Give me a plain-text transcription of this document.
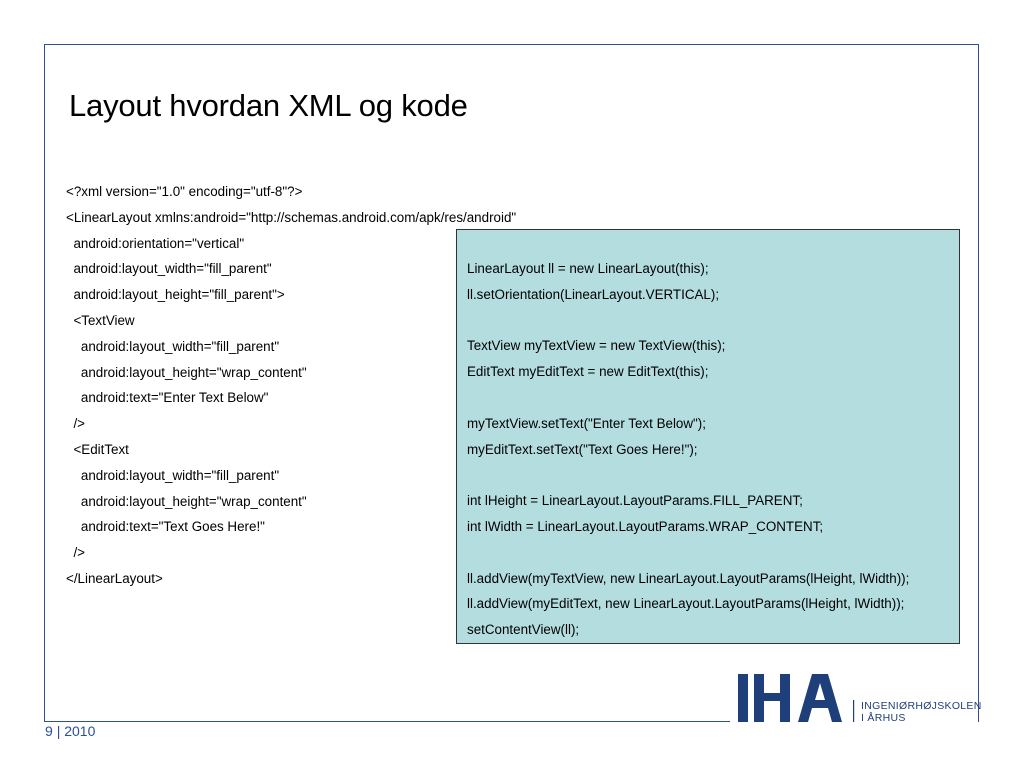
Layout hvordan XML og kode
<?xml version="1.0" encoding="utf-8"?>
<LinearLayout xmlns:android="http://schemas.android.com/apk/res/android"
android:orientation="vertical"
android:layout_width="fill_parent"
android:layout_height="fill_parent">
<TextView
android:layout_width="fill_parent"
android:layout_height="wrap_content"
android:text="Enter Text Below"
/>
<EditText
android:layout_width="fill_parent"
android:layout_height="wrap_content"
android:text="Text Goes Here!"
/>
</LinearLayout>
LinearLayout ll = new LinearLayout(this);
ll.setOrientation(LinearLayout.VERTICAL);
TextView myTextView = new TextView(this);
EditText myEditText = new EditText(this);
myTextView.setText("Enter Text Below");
myEditText.setText("Text Goes Here!");
int lHeight = LinearLayout.LayoutParams.FILL_PARENT;
int lWidth = LinearLayout.LayoutParams.WRAP_CONTENT;
ll.addView(myTextView, new LinearLayout.LayoutParams(lHeight, lWidth));
ll.addView(myEditText, new LinearLayout.LayoutParams(lHeight, lWidth));
setContentView(ll);
9 | 2010
INGENIØRHØJSKOLEN
I ÅRHUS
